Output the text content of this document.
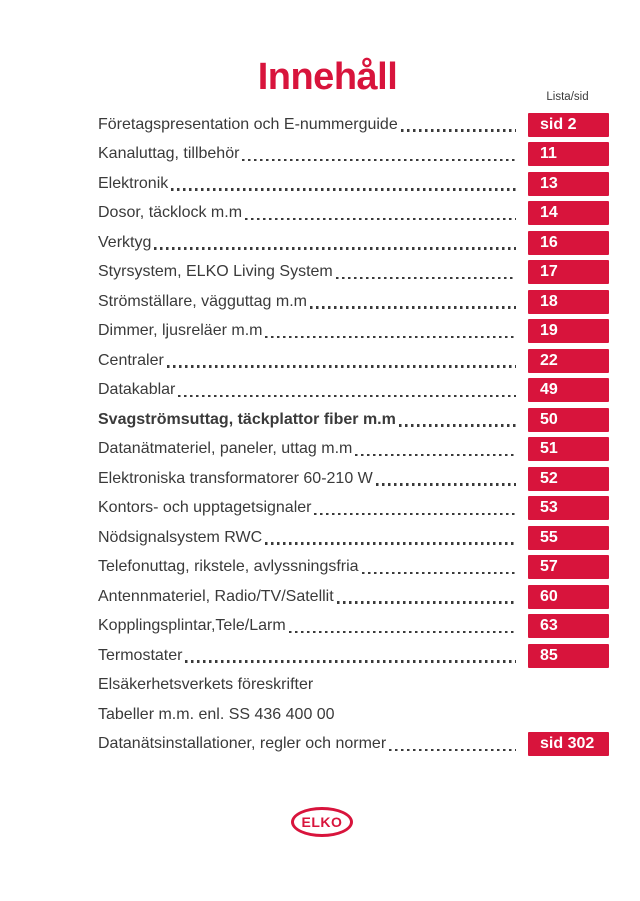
Innehåll	Lista/sid
Företagspresentation och E-nummerguide	sid 2
Kanaluttag, tillbehör	11
Elektronik	13
Dosor, täcklock m.m	14
Verktyg	16
Styrsystem, ELKO Living System	17
Strömställare, vägguttag m.m	18
Dimmer, ljusreläer m.m	19
Centraler	22
Datakablar	49
Svagströmsuttag, täckplattor fiber m.m	50
Datanätmateriel, paneler, uttag m.m	51
Elektroniska transformatorer 60-210 W	52
Kontors- och upptagetsignaler	53
Nödsignalsystem RWC	55
Telefonuttag, rikstele, avlyssningsfria	57
Antennmateriel, Radio/TV/Satellit	60
Kopplingsplintar,Tele/Larm	63
Termostater	85
Elsäkerhetsverkets föreskrifter
Tabeller m.m. enl. SS 436 400 00
Datanätsinstallationer, regler och normer	sid 302
ELKO
